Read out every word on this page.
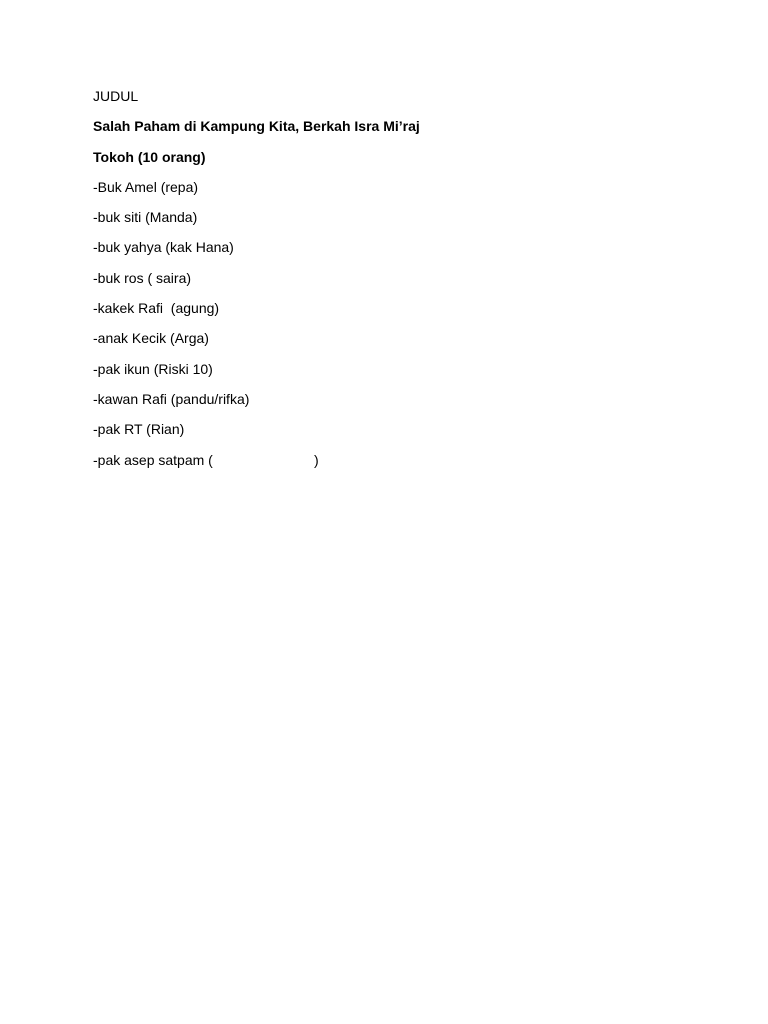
JUDUL
Salah Paham di Kampung Kita, Berkah Isra Mi’raj
Tokoh (10 orang)
-Buk Amel (repa)
-buk siti (Manda)
-buk yahya (kak Hana)
-buk ros ( saira)
-kakek Rafi  (agung)
-anak Kecik (Arga)
-pak ikun (Riski 10)
-kawan Rafi (pandu/rifka)
-pak RT (Rian)
-pak asep satpam (                          )
